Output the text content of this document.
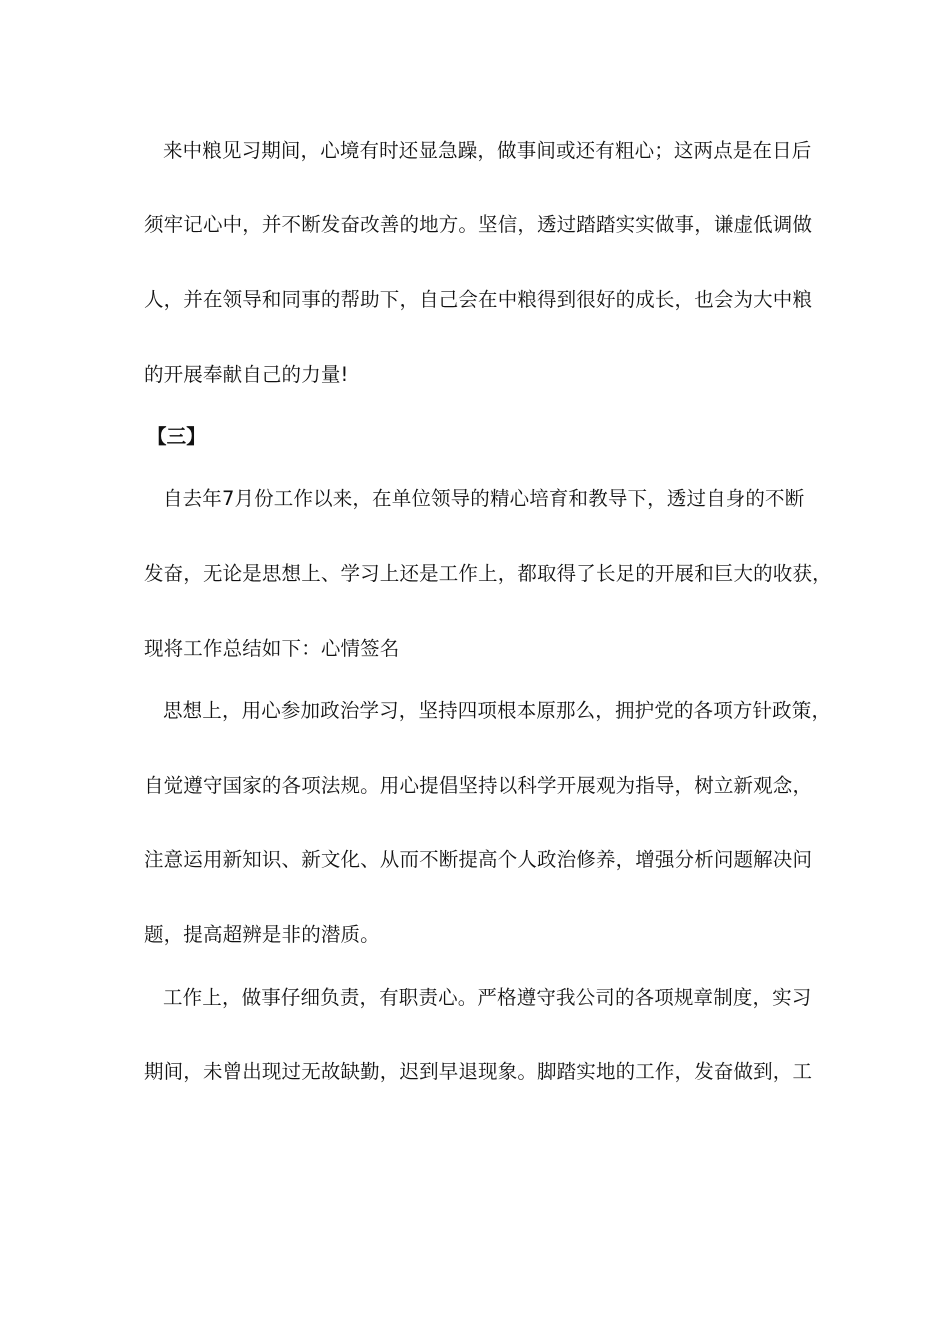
来中粮见习期间，心境有时还显急躁，做事间或还有粗心；这两点是在日后
须牢记心中，并不断发奋改善的地方。坚信，透过踏踏实实做事，谦虚低调做
人，并在领导和同事的帮助下，自己会在中粮得到很好的成长，也会为大中粮
的开展奉献自己的力量!
【三】
自去年7月份工作以来，在单位领导的精心培育和教导下，透过自身的不断
发奋，无论是思想上、学习上还是工作上，都取得了长足的开展和巨大的收获，
现将工作总结如下：心情签名
思想上，用心参加政治学习，坚持四项根本原那么，拥护党的各项方针政策，
自觉遵守国家的各项法规。用心提倡坚持以科学开展观为指导，树立新观念，
注意运用新知识、新文化、从而不断提高个人政治修养，增强分析问题解决问
题，提高超辨是非的潜质。
工作上，做事仔细负责，有职责心。严格遵守我公司的各项规章制度，实习
期间，未曾出现过无故缺勤，迟到早退现象。脚踏实地的工作，发奋做到，工
